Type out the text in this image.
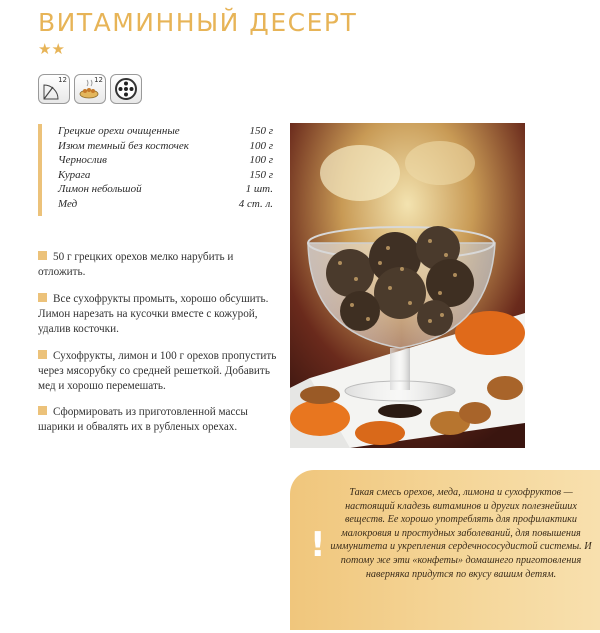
ВИТАМИННЫЙ ДЕСЕРТ
★★
12	12
Грецкие орехи очищенные	150 г
Изюм темный без косточек	100 г
Чернослив	100 г
Курага	150 г
Лимон небольшой	1 шт.
Мед	4 ст. л.
50 г грецких орехов мелко нарубить и отложить.
Все сухофрукты промыть, хорошо обсушить. Лимон нарезать на кусочки вместе с кожурой, удалив косточки.
Сухофрукты, лимон и 100 г орехов пропустить через мясорубку со средней решеткой. Добавить мед и хорошо перемешать.
Сформировать из приготовленной массы шарики и обвалять их в рубленых орехах.
!
Такая смесь орехов, меда, лимона и сухофруктов — настоящий кладезь витаминов и других полезнейших веществ. Ее хорошо употреблять для профилактики малокровия и простудных заболеваний, для повышения иммунитета и укрепления сердечнососудистой системы. И потому же эти «конфеты» домашнего приготовления наверняка придутся по вкусу вашим детям.
